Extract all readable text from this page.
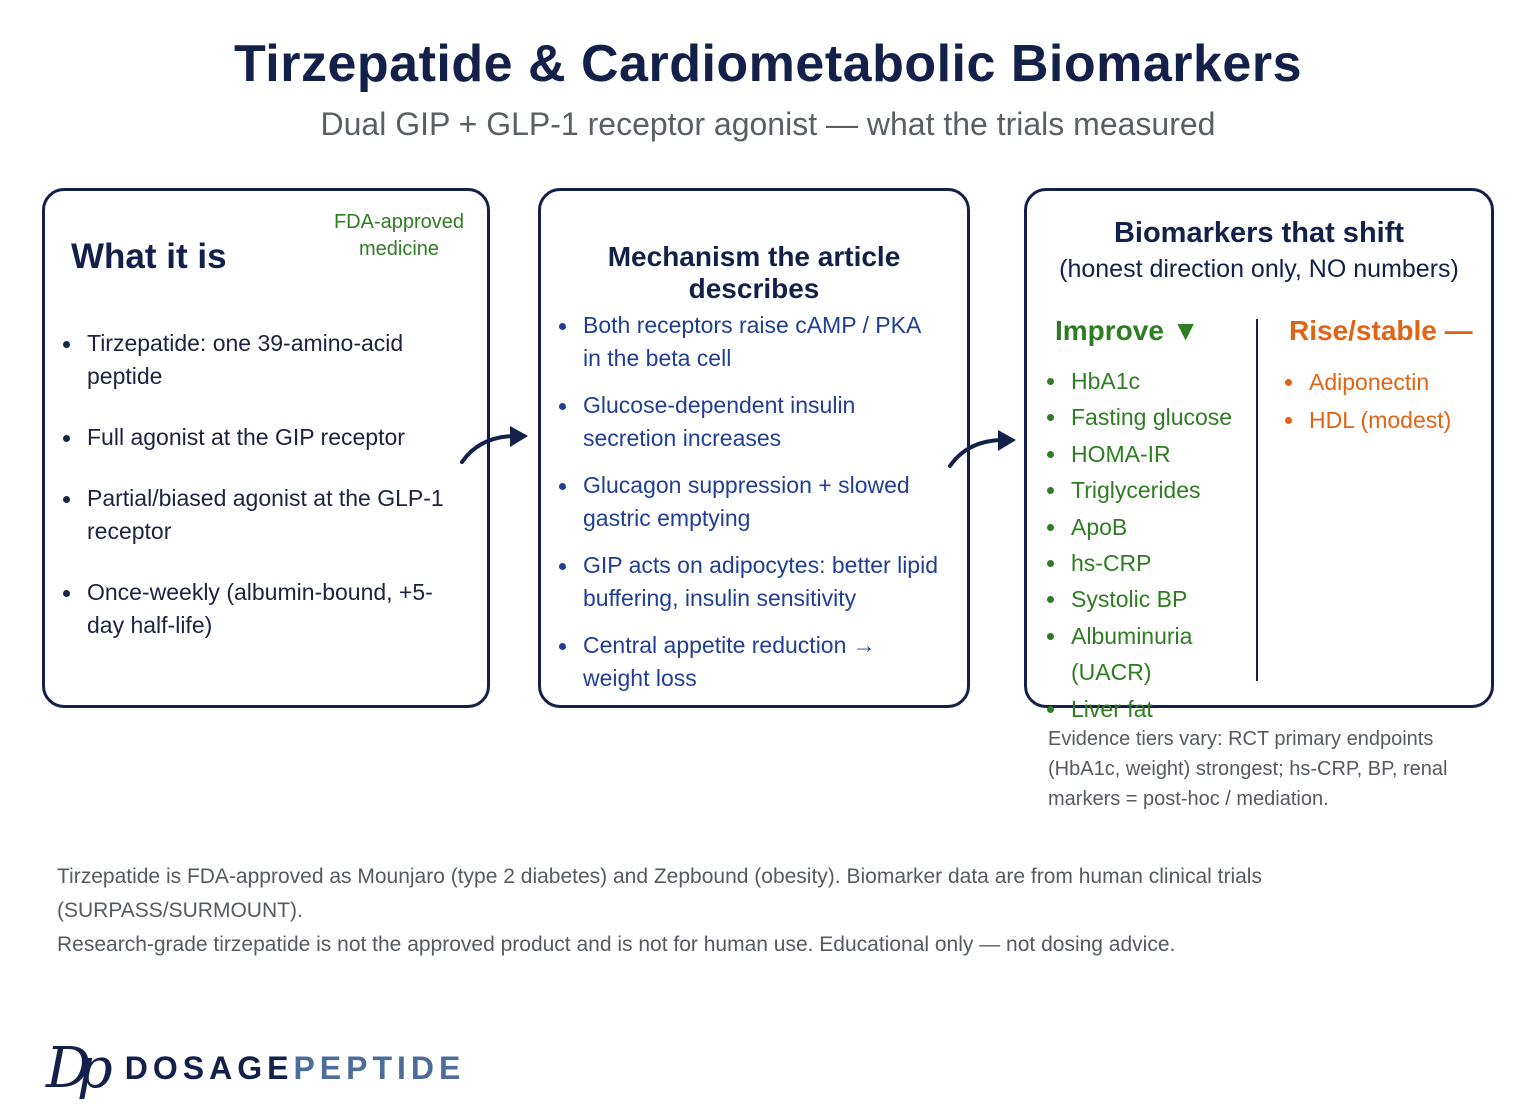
Tirzepatide & Cardiometabolic Biomarkers
Dual GIP + GLP-1 receptor agonist — what the trials measured
What it is
FDA-approved medicine
Tirzepatide: one 39-amino-acid peptide
Full agonist at the GIP receptor
Partial/biased agonist at the GLP-1 receptor
Once-weekly (albumin-bound, +5-day half-life)
Mechanism the article describes
Both receptors raise cAMP / PKA in the beta cell
Glucose-dependent insulin secretion increases
Glucagon suppression + slowed gastric emptying
GIP acts on adipocytes: better lipid buffering, insulin sensitivity
Central appetite reduction → weight loss
Biomarkers that shift
(honest direction only, NO numbers)
Improve ▼	Rise/stable —
HbA1c
Fasting glucose
HOMA-IR
Triglycerides
ApoB
hs-CRP
Systolic BP
Albuminuria (UACR)
Liver fat
Adiponectin
HDL (modest)
Evidence tiers vary: RCT primary endpoints (HbA1c, weight) strongest; hs-CRP, BP, renal markers = post-hoc / mediation.
Tirzepatide is FDA-approved as Mounjaro (type 2 diabetes) and Zepbound (obesity). Biomarker data are from human clinical trials (SURPASS/SURMOUNT).
Research-grade tirzepatide is not the approved product and is not for human use. Educational only — not dosing advice.
Dp DOSAGEPEPTIDE
